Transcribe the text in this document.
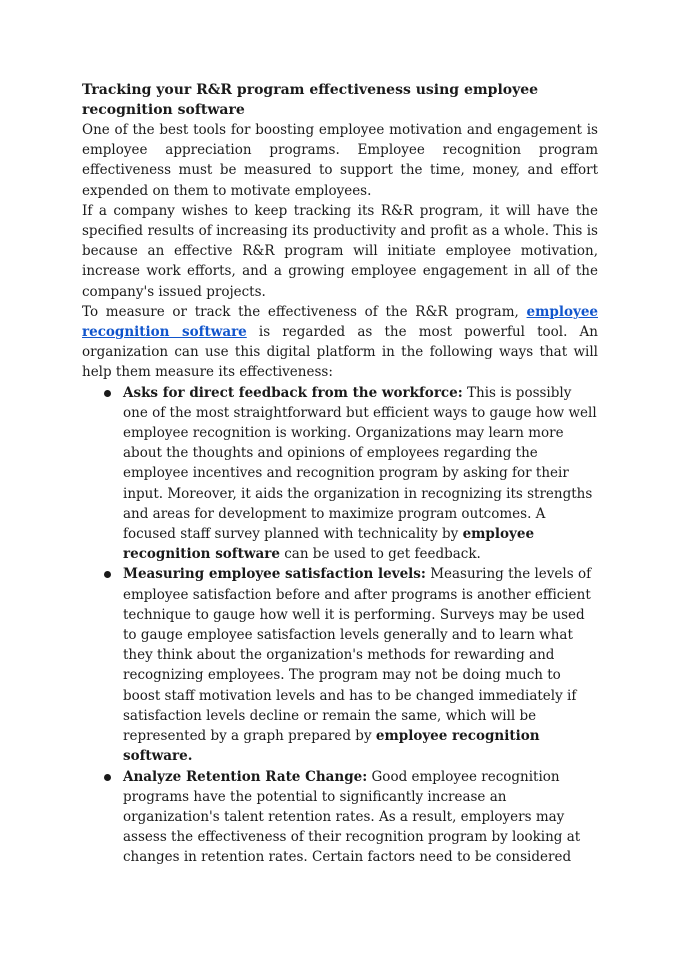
Tracking your R&R program effectiveness using employee recognition software

One of the best tools for boosting employee motivation and engagement is employee appreciation programs. Employee recognition program effectiveness must be measured to support the time, money, and effort expended on them to motivate employees.

If a company wishes to keep tracking its R&R program, it will have the specified results of increasing its productivity and profit as a whole. This is because an effective R&R program will initiate employee motivation, increase work efforts, and a growing employee engagement in all of the company's issued projects.

To measure or track the effectiveness of the R&R program, employee recognition software is regarded as the most powerful tool. An organization can use this digital platform in the following ways that will help them measure its effectiveness:

Asks for direct feedback from the workforce: This is possibly one of the most straightforward but efficient ways to gauge how well employee recognition is working. Organizations may learn more about the thoughts and opinions of employees regarding the employee incentives and recognition program by asking for their input. Moreover, it aids the organization in recognizing its strengths and areas for development to maximize program outcomes. A focused staff survey planned with technicality by employee recognition software can be used to get feedback.
Measuring employee satisfaction levels: Measuring the levels of employee satisfaction before and after programs is another efficient technique to gauge how well it is performing. Surveys may be used to gauge employee satisfaction levels generally and to learn what they think about the organization's methods for rewarding and recognizing employees. The program may not be doing much to boost staff motivation levels and has to be changed immediately if satisfaction levels decline or remain the same, which will be represented by a graph prepared by employee recognition software.
Analyze Retention Rate Change: Good employee recognition programs have the potential to significantly increase an organization's talent retention rates. As a result, employers may assess the effectiveness of their recognition program by looking at changes in retention rates. Certain factors need to be considered
